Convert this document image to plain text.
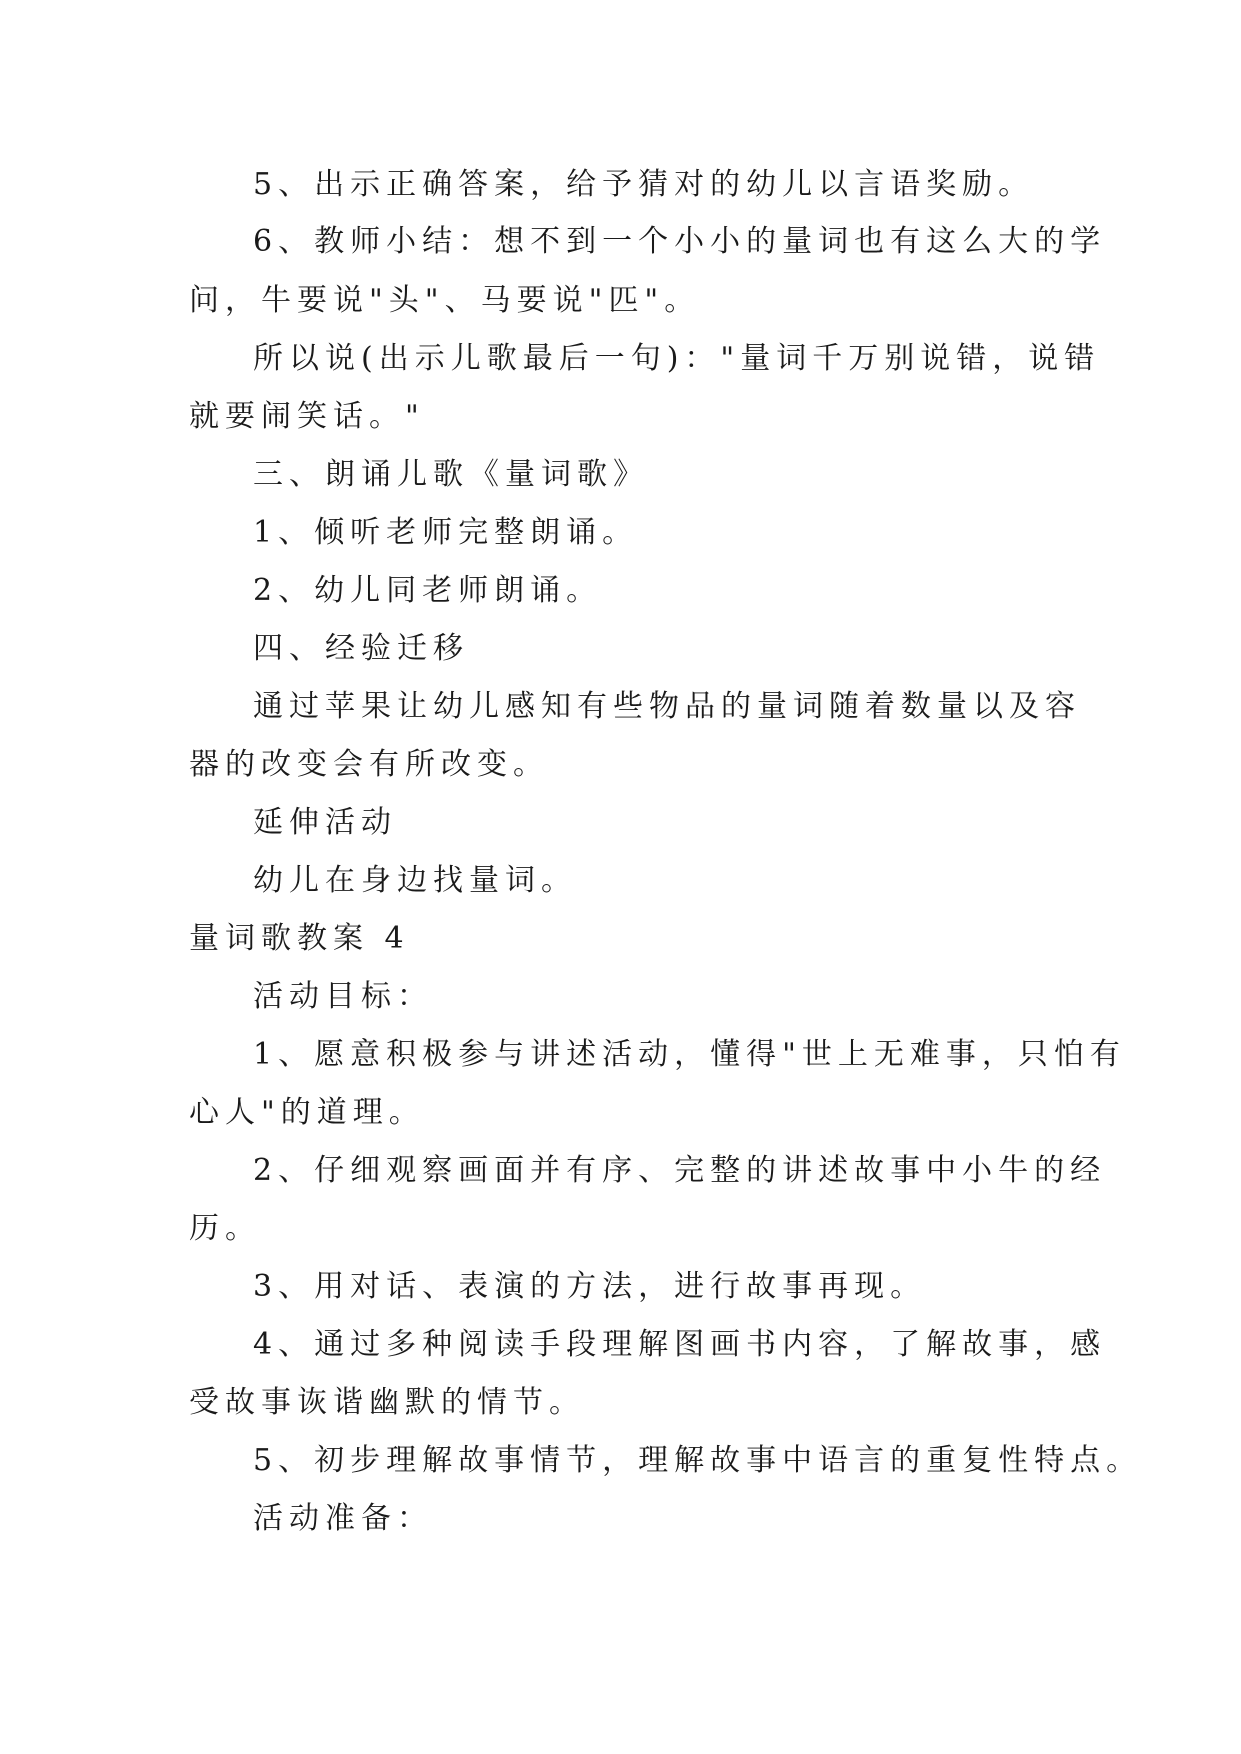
5、出示正确答案，给予猜对的幼儿以言语奖励。
6、教师小结：想不到一个小小的量词也有这么大的学
问，牛要说"头"、马要说"匹"。
所以说(出示儿歌最后一句)："量词千万别说错，说错
就要闹笑话。"
三、朗诵儿歌《量词歌》
1、倾听老师完整朗诵。
2、幼儿同老师朗诵。
四、经验迁移
通过苹果让幼儿感知有些物品的量词随着数量以及容
器的改变会有所改变。
延伸活动
幼儿在身边找量词。
量词歌教案 4
活动目标：
1、愿意积极参与讲述活动，懂得"世上无难事，只怕有
心人"的道理。
2、仔细观察画面并有序、完整的讲述故事中小牛的经
历。
3、用对话、表演的方法，进行故事再现。
4、通过多种阅读手段理解图画书内容，了解故事，感
受故事诙谐幽默的情节。
5、初步理解故事情节，理解故事中语言的重复性特点。
活动准备：
